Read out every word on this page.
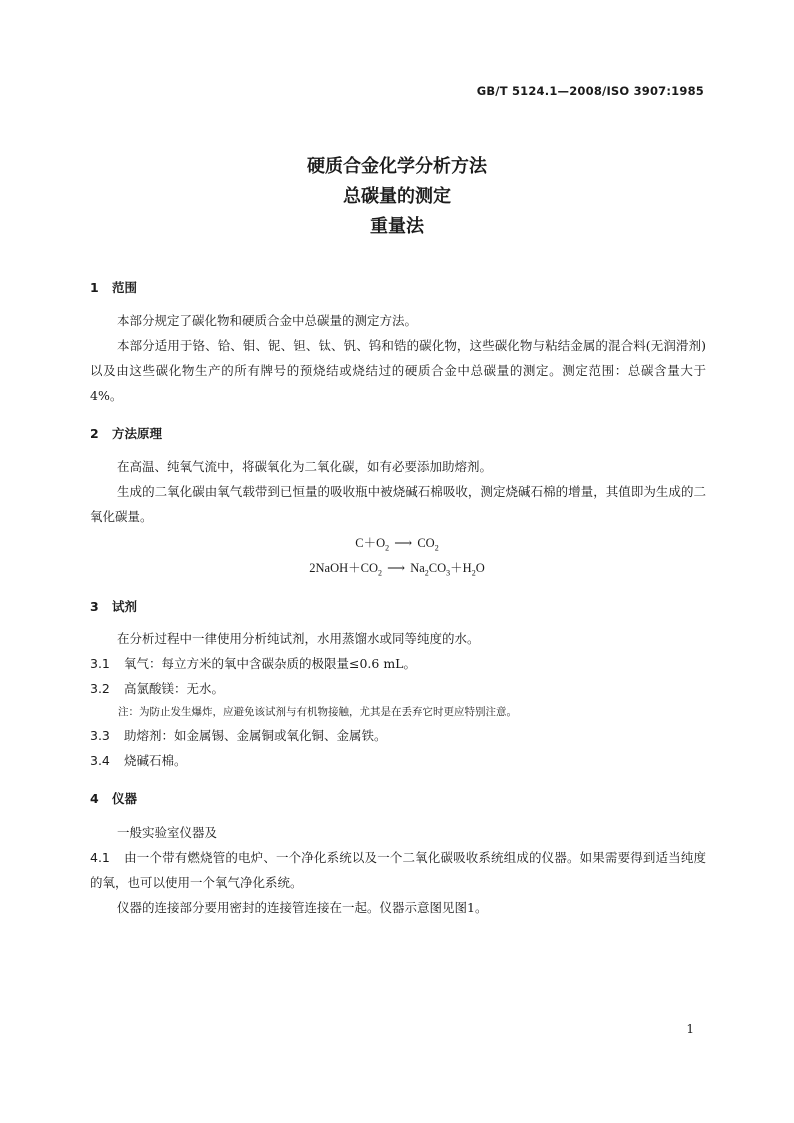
GB/T 5124.1—2008/ISO 3907:1985
硬质合金化学分析方法
总碳量的测定
重量法
1 范围
本部分规定了碳化物和硬质合金中总碳量的测定方法。
本部分适用于铬、铪、钼、铌、钽、钛、钒、钨和锆的碳化物，这些碳化物与粘结金属的混合料(无润滑剂)以及由这些碳化物生产的所有牌号的预烧结或烧结过的硬质合金中总碳量的测定。测定范围：总碳含量大于4%。
2 方法原理
在高温、纯氧气流中，将碳氧化为二氧化碳，如有必要添加助熔剂。
生成的二氧化碳由氧气载带到已恒量的吸收瓶中被烧碱石棉吸收，测定烧碱石棉的增量，其值即为生成的二氧化碳量。
$C+O_2$ ⟶ $CO_2$
$2NaOH+CO_2$ ⟶ $Na_2CO_3+H_2O$
3 试剂
在分析过程中一律使用分析纯试剂，水用蒸馏水或同等纯度的水。
3.1 氧气：每立方米的氧中含碳杂质的极限量≤0.6 mL。
3.2 高氯酸镁：无水。
注：为防止发生爆炸，应避免该试剂与有机物接触，尤其是在丢弃它时更应特别注意。
3.3 助熔剂：如金属锡、金属铜或氧化铜、金属铁。
3.4 烧碱石棉。
4 仪器
一般实验室仪器及
4.1 由一个带有燃烧管的电炉、一个净化系统以及一个二氧化碳吸收系统组成的仪器。如果需要得到适当纯度的氧，也可以使用一个氧气净化系统。
仪器的连接部分要用密封的连接管连接在一起。仪器示意图见图1。
1
